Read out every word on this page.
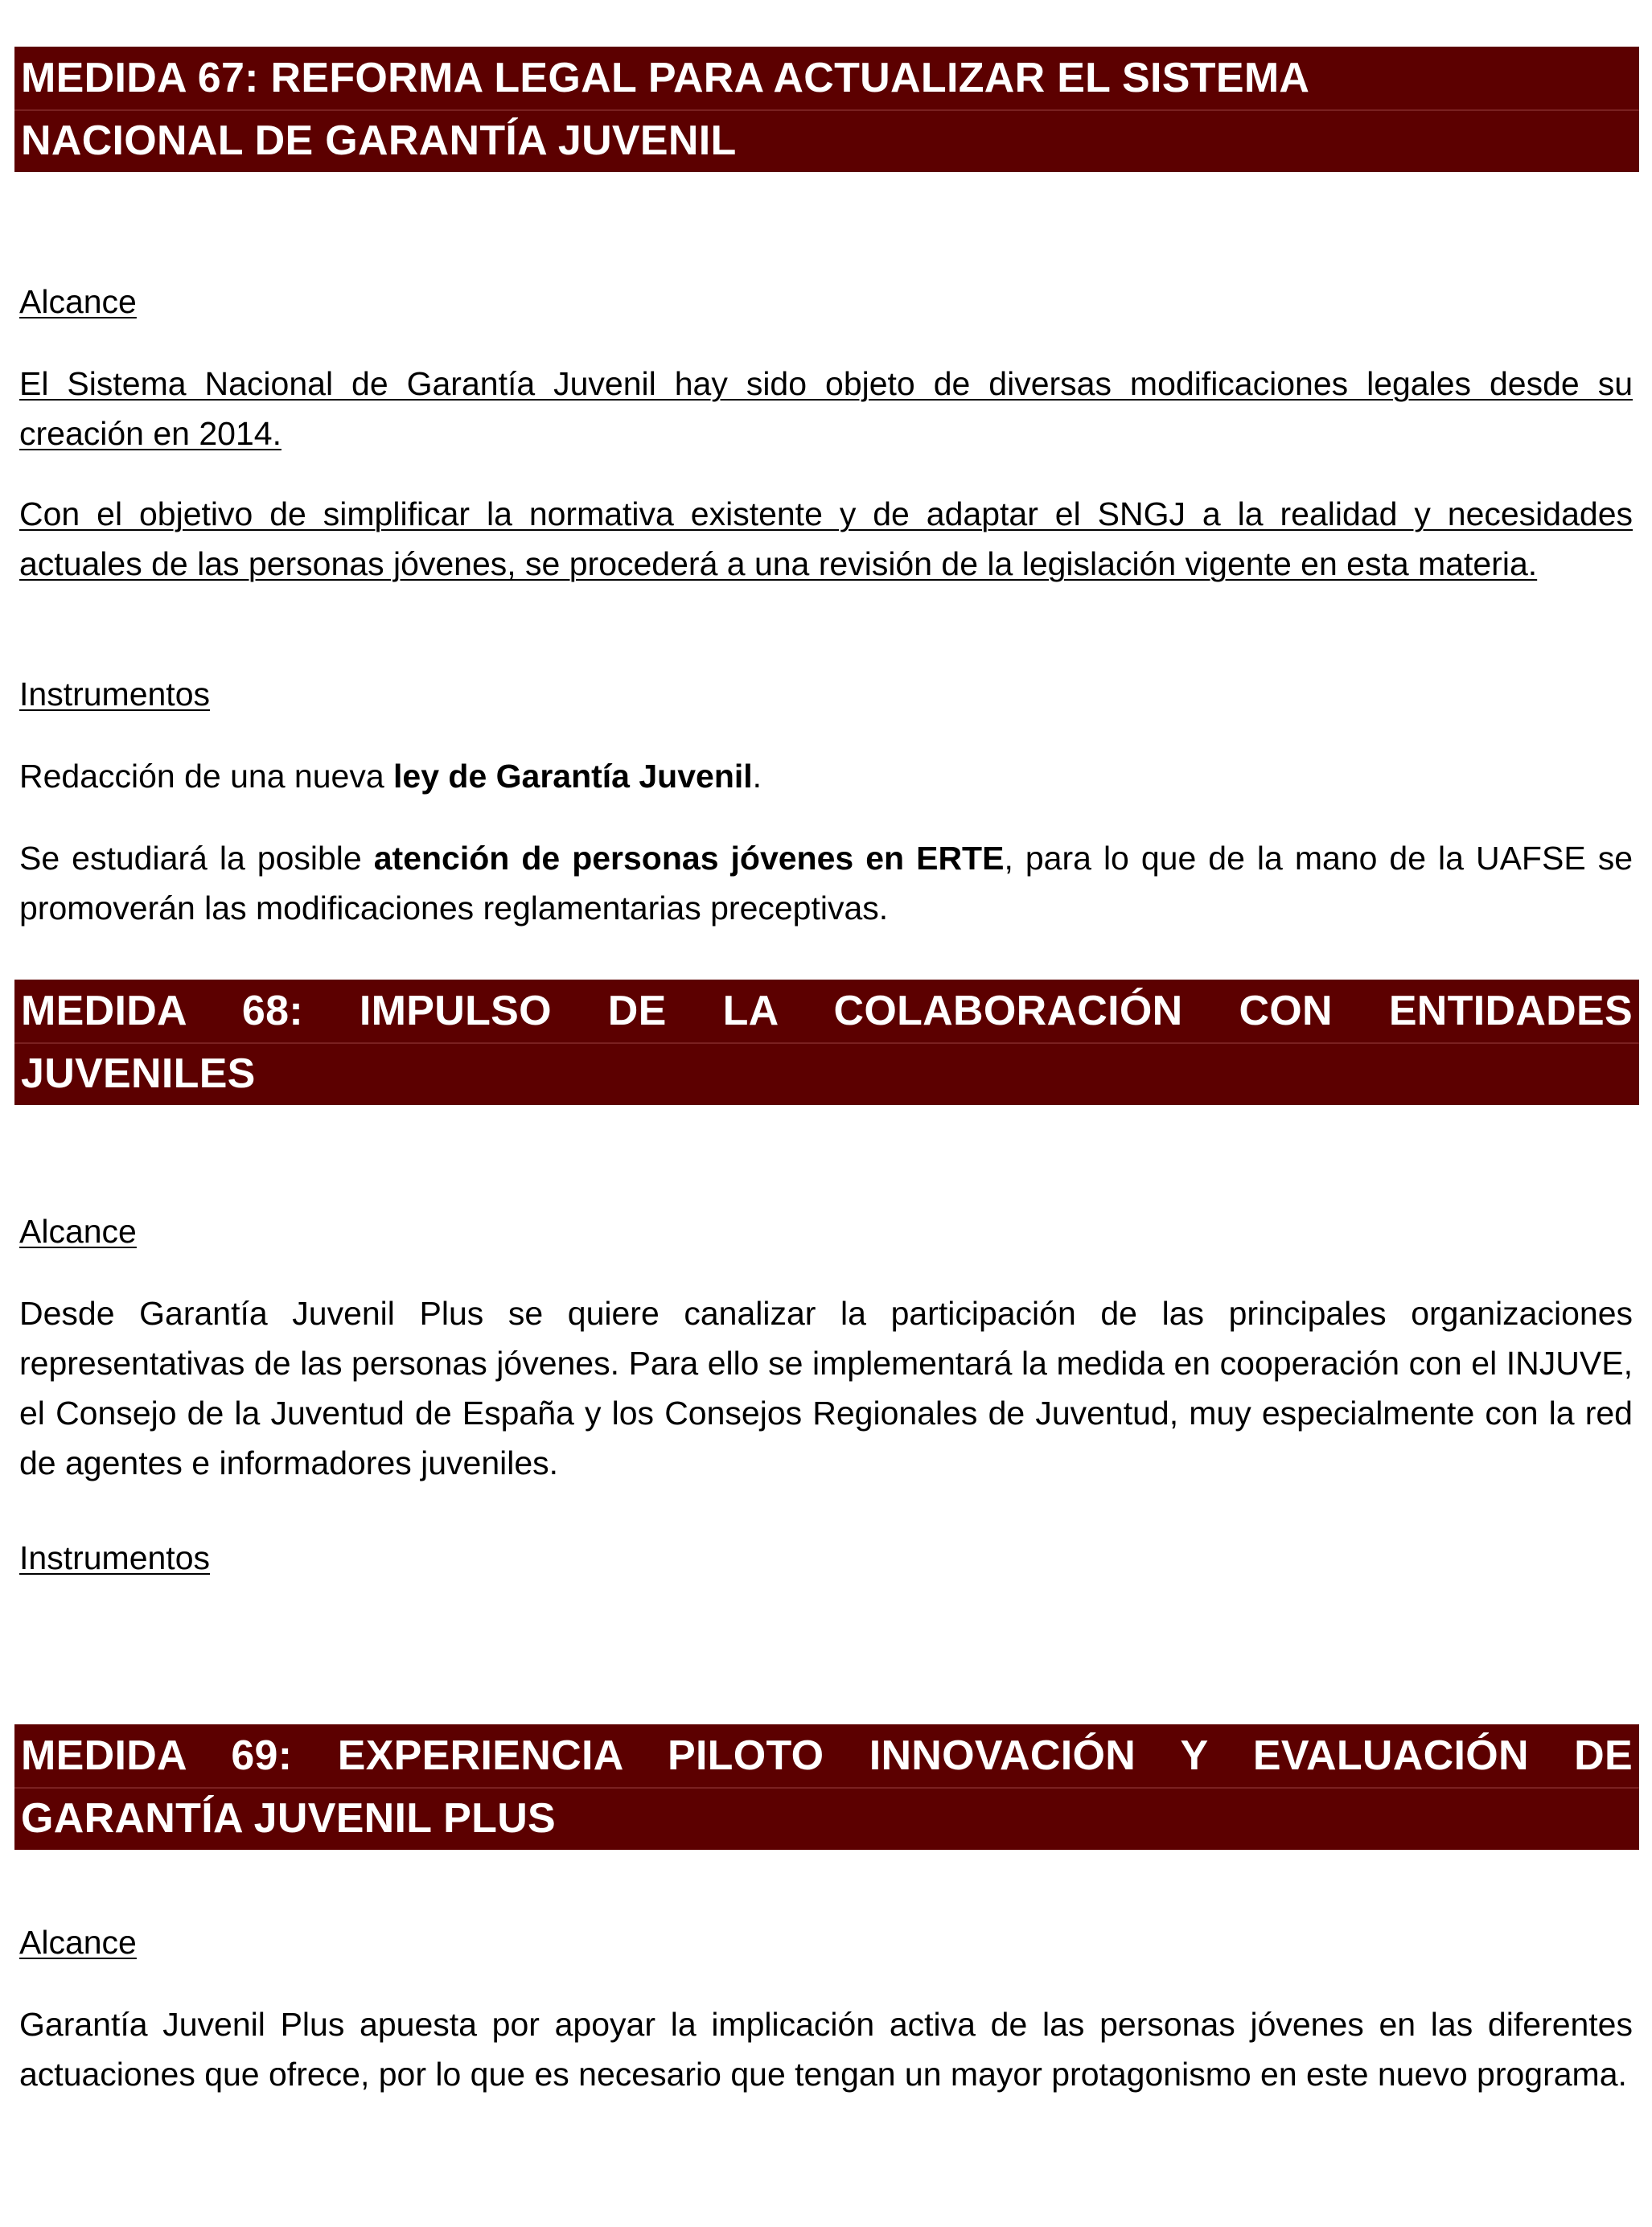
MEDIDA 67: REFORMA LEGAL PARA ACTUALIZAR EL SISTEMA
NACIONAL DE GARANTÍA JUVENIL
Alcance
El Sistema Nacional de Garantía Juvenil hay sido objeto de diversas modificaciones legales desde su creación en 2014.
Con el objetivo de simplificar la normativa existente y de adaptar el SNGJ a la realidad y necesidades actuales de las personas jóvenes, se procederá a una revisión de la legislación vigente en esta materia.
Instrumentos
Redacción de una nueva ley de Garantía Juvenil.
Se estudiará la posible atención de personas jóvenes en ERTE, para lo que de la mano de la UAFSE se promoverán las modificaciones reglamentarias preceptivas.
MEDIDA 68: IMPULSO DE LA COLABORACIÓN CON ENTIDADES
JUVENILES
Alcance
Desde Garantía Juvenil Plus se quiere canalizar la participación de las principales organizaciones representativas de las personas jóvenes. Para ello se implementará la medida en cooperación con el INJUVE, el Consejo de la Juventud de España y los Consejos Regionales de Juventud, muy especialmente con la red de agentes e informadores juveniles.
Instrumentos
MEDIDA 69: EXPERIENCIA PILOTO INNOVACIÓN Y EVALUACIÓN DE
GARANTÍA JUVENIL PLUS
Alcance
Garantía Juvenil Plus apuesta por apoyar la implicación activa de las personas jóvenes en las diferentes actuaciones que ofrece, por lo que es necesario que tengan un mayor protagonismo en este nuevo programa.
